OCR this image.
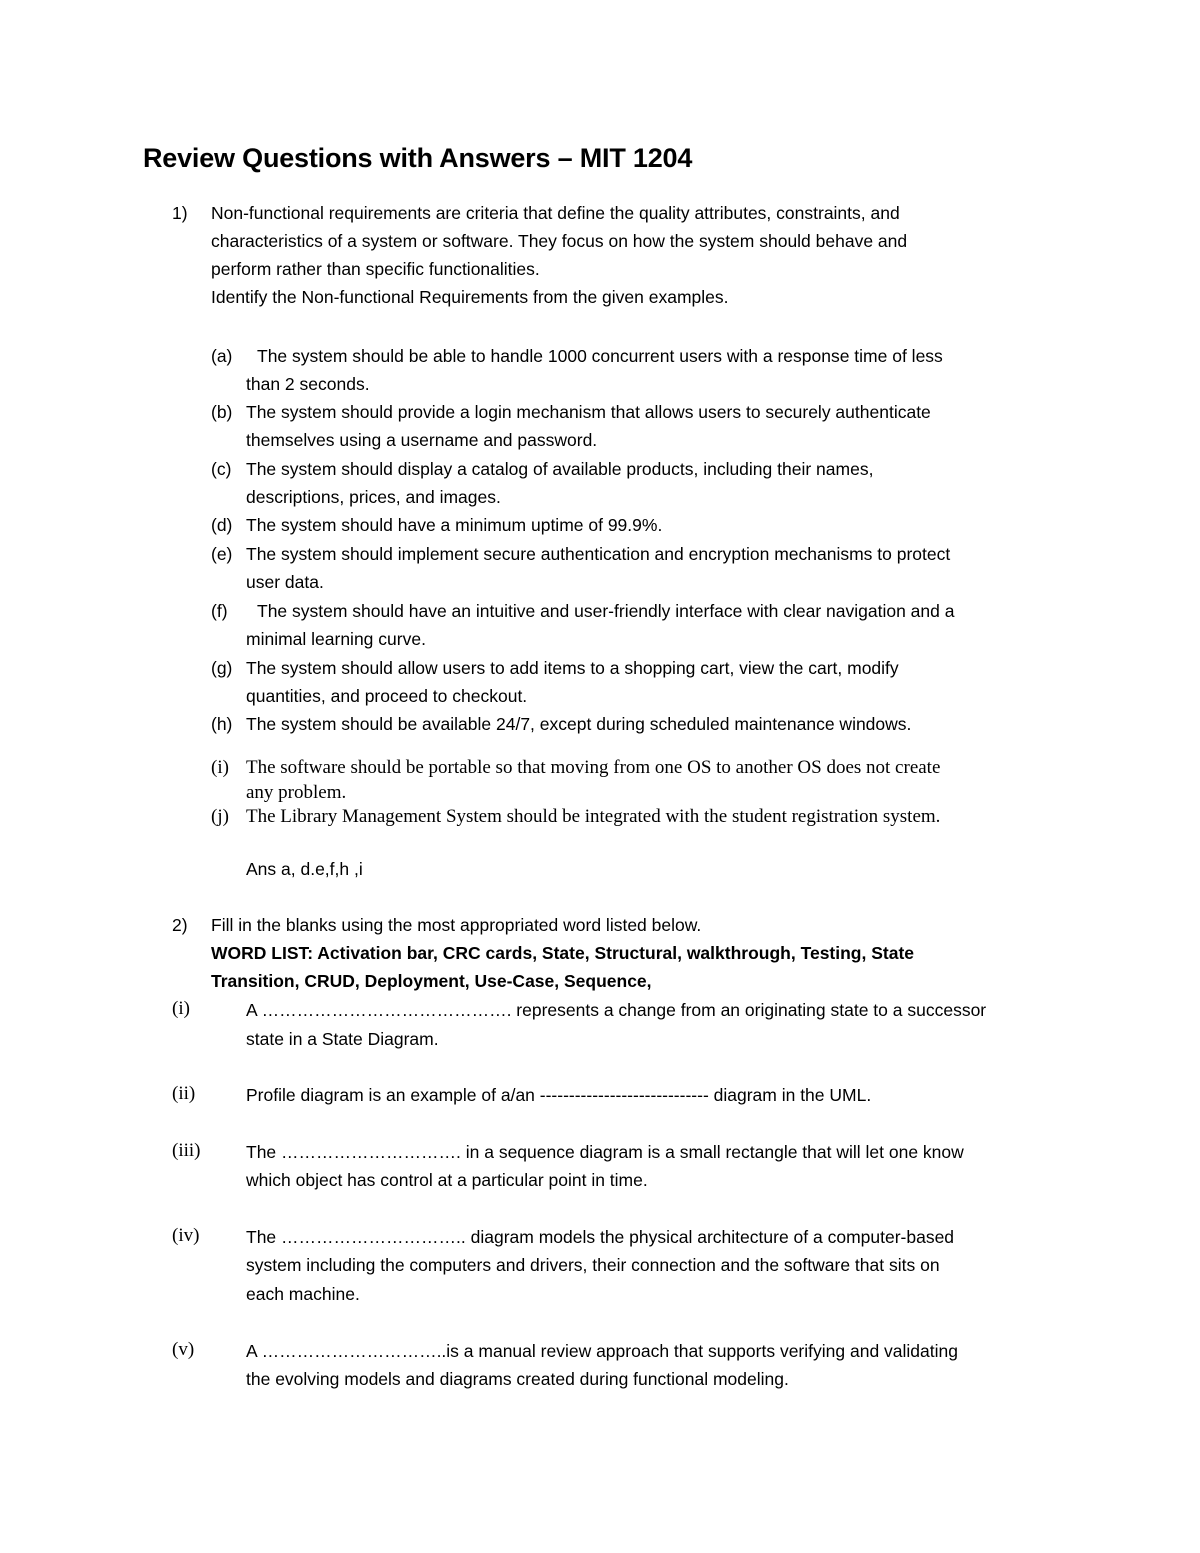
Review Questions with Answers – MIT 1204
1) Non-functional requirements are criteria that define the quality attributes, constraints, and
characteristics of a system or software. They focus on how the system should behave and
perform rather than specific functionalities.
Identify the Non-functional Requirements from the given examples.
(a) The system should be able to handle 1000 concurrent users with a response time of less
than 2 seconds.
(b) The system should provide a login mechanism that allows users to securely authenticate
themselves using a username and password.
(c) The system should display a catalog of available products, including their names,
descriptions, prices, and images.
(d) The system should have a minimum uptime of 99.9%.
(e) The system should implement secure authentication and encryption mechanisms to protect
user data.
(f) The system should have an intuitive and user-friendly interface with clear navigation and a
minimal learning curve.
(g) The system should allow users to add items to a shopping cart, view the cart, modify
quantities, and proceed to checkout.
(h) The system should be available 24/7, except during scheduled maintenance windows.
(i) The software should be portable so that moving from one OS to another OS does not create
any problem.
(j) The Library Management System should be integrated with the student registration system.
Ans a, d.e,f,h ,i
2) Fill in the blanks using the most appropriated word listed below.
WORD LIST: Activation bar, CRC cards, State, Structural, walkthrough, Testing, State
Transition, CRUD, Deployment, Use-Case, Sequence,
(i)	A ……………………………………. represents a change from an originating state to a successor
state in a State Diagram.
(ii)	Profile diagram is an example of a/an ----------------------------- diagram in the UML.
(iii)	The …………………………. in a sequence diagram is a small rectangle that will let one know
which object has control at a particular point in time.
(iv)	The ………………………….. diagram models the physical architecture of a computer-based
system including the computers and drivers, their connection and the software that sits on
each machine.
(v)	A …………………………..is a manual review approach that supports verifying and validating
the evolving models and diagrams created during functional modeling.
